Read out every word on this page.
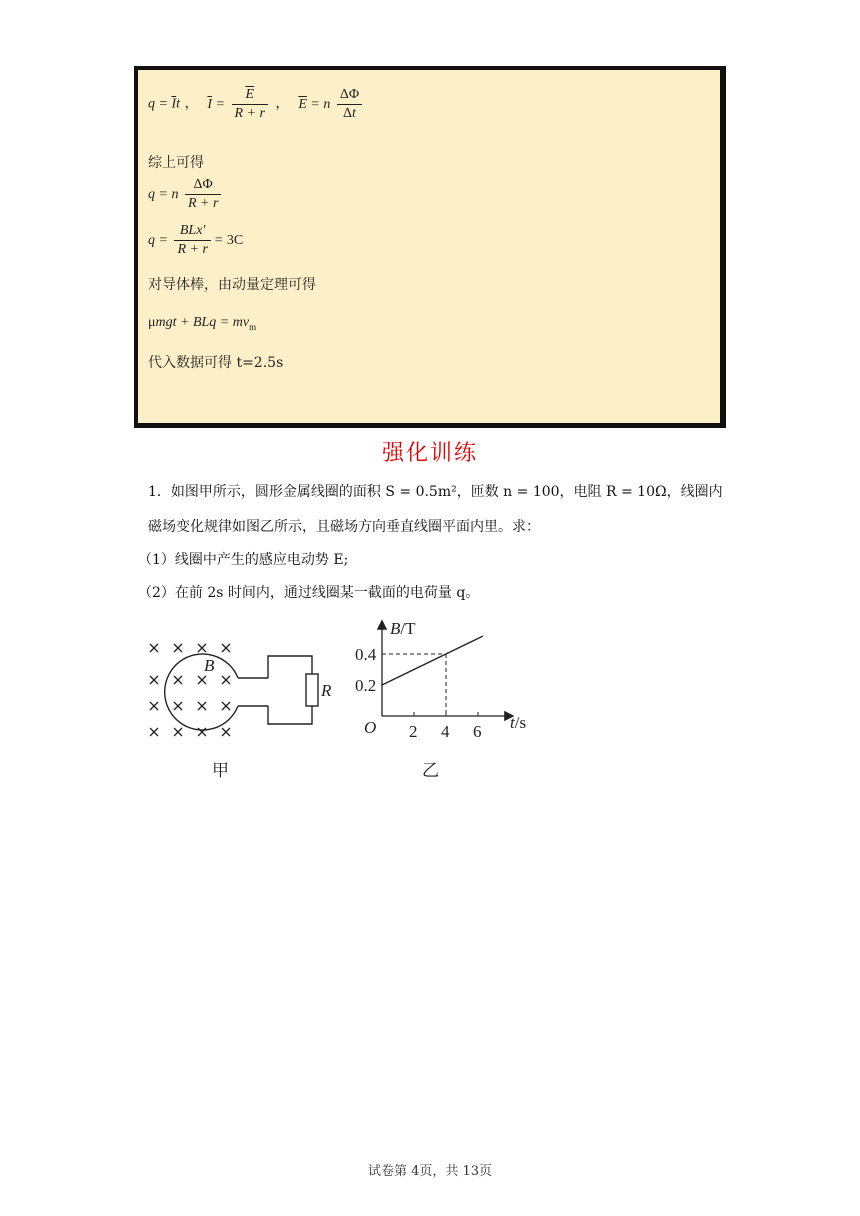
$q = \overline{I}t$ ，  $\overline{I} = \frac{\overline{E}}{R + r}$ ，  $\overline{E} = n \frac{\Delta\Phi}{\Delta t}$
综上可得
q = n $\frac{\Delta\Phi}{R + r}$
$q = \frac{\text{BLx′}}{R + r} = 3C$
对导体棒，由动量定理可得
μmgt + BLq = $mv_m$
代入数据可得 t=2.5s
强化训练
1．如图甲所示，圆形金属线圈的面积 S = 0.5m²，匝数 n = 100，电阻 R = 10Ω，线圈内
磁场变化规律如图乙所示，且磁场方向垂直线圈平面内里。求：
（1）线圈中产生的感应电动势 E;
（2）在前 2s 时间内，通过线圈某一截面的电荷量 q。
B
R
甲
2 4 6
0.2
0.4
B/T
t/s
O
乙
试卷第 4页，共 13页
